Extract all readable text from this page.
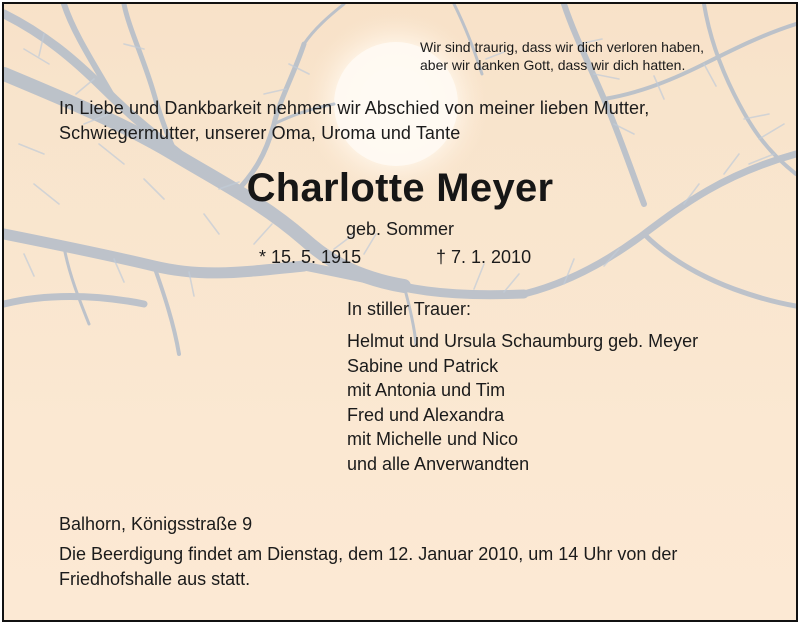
Wir sind traurig, dass wir dich verloren haben,
aber wir danken Gott, dass wir dich hatten.
In Liebe und Dankbarkeit nehmen wir Abschied von meiner lieben Mutter,
Schwiegermutter, unserer Oma, Uroma und Tante
Charlotte Meyer
geb. Sommer
* 15. 5. 1915	† 7. 1. 2010
In stiller Trauer:
Helmut und Ursula Schaumburg geb. Meyer
Sabine und Patrick
mit Antonia und Tim
Fred und Alexandra
mit Michelle und Nico
und alle Anverwandten
Balhorn, Königsstraße 9
Die Beerdigung findet am Dienstag, dem 12. Januar 2010, um 14 Uhr von der
Friedhofshalle aus statt.
